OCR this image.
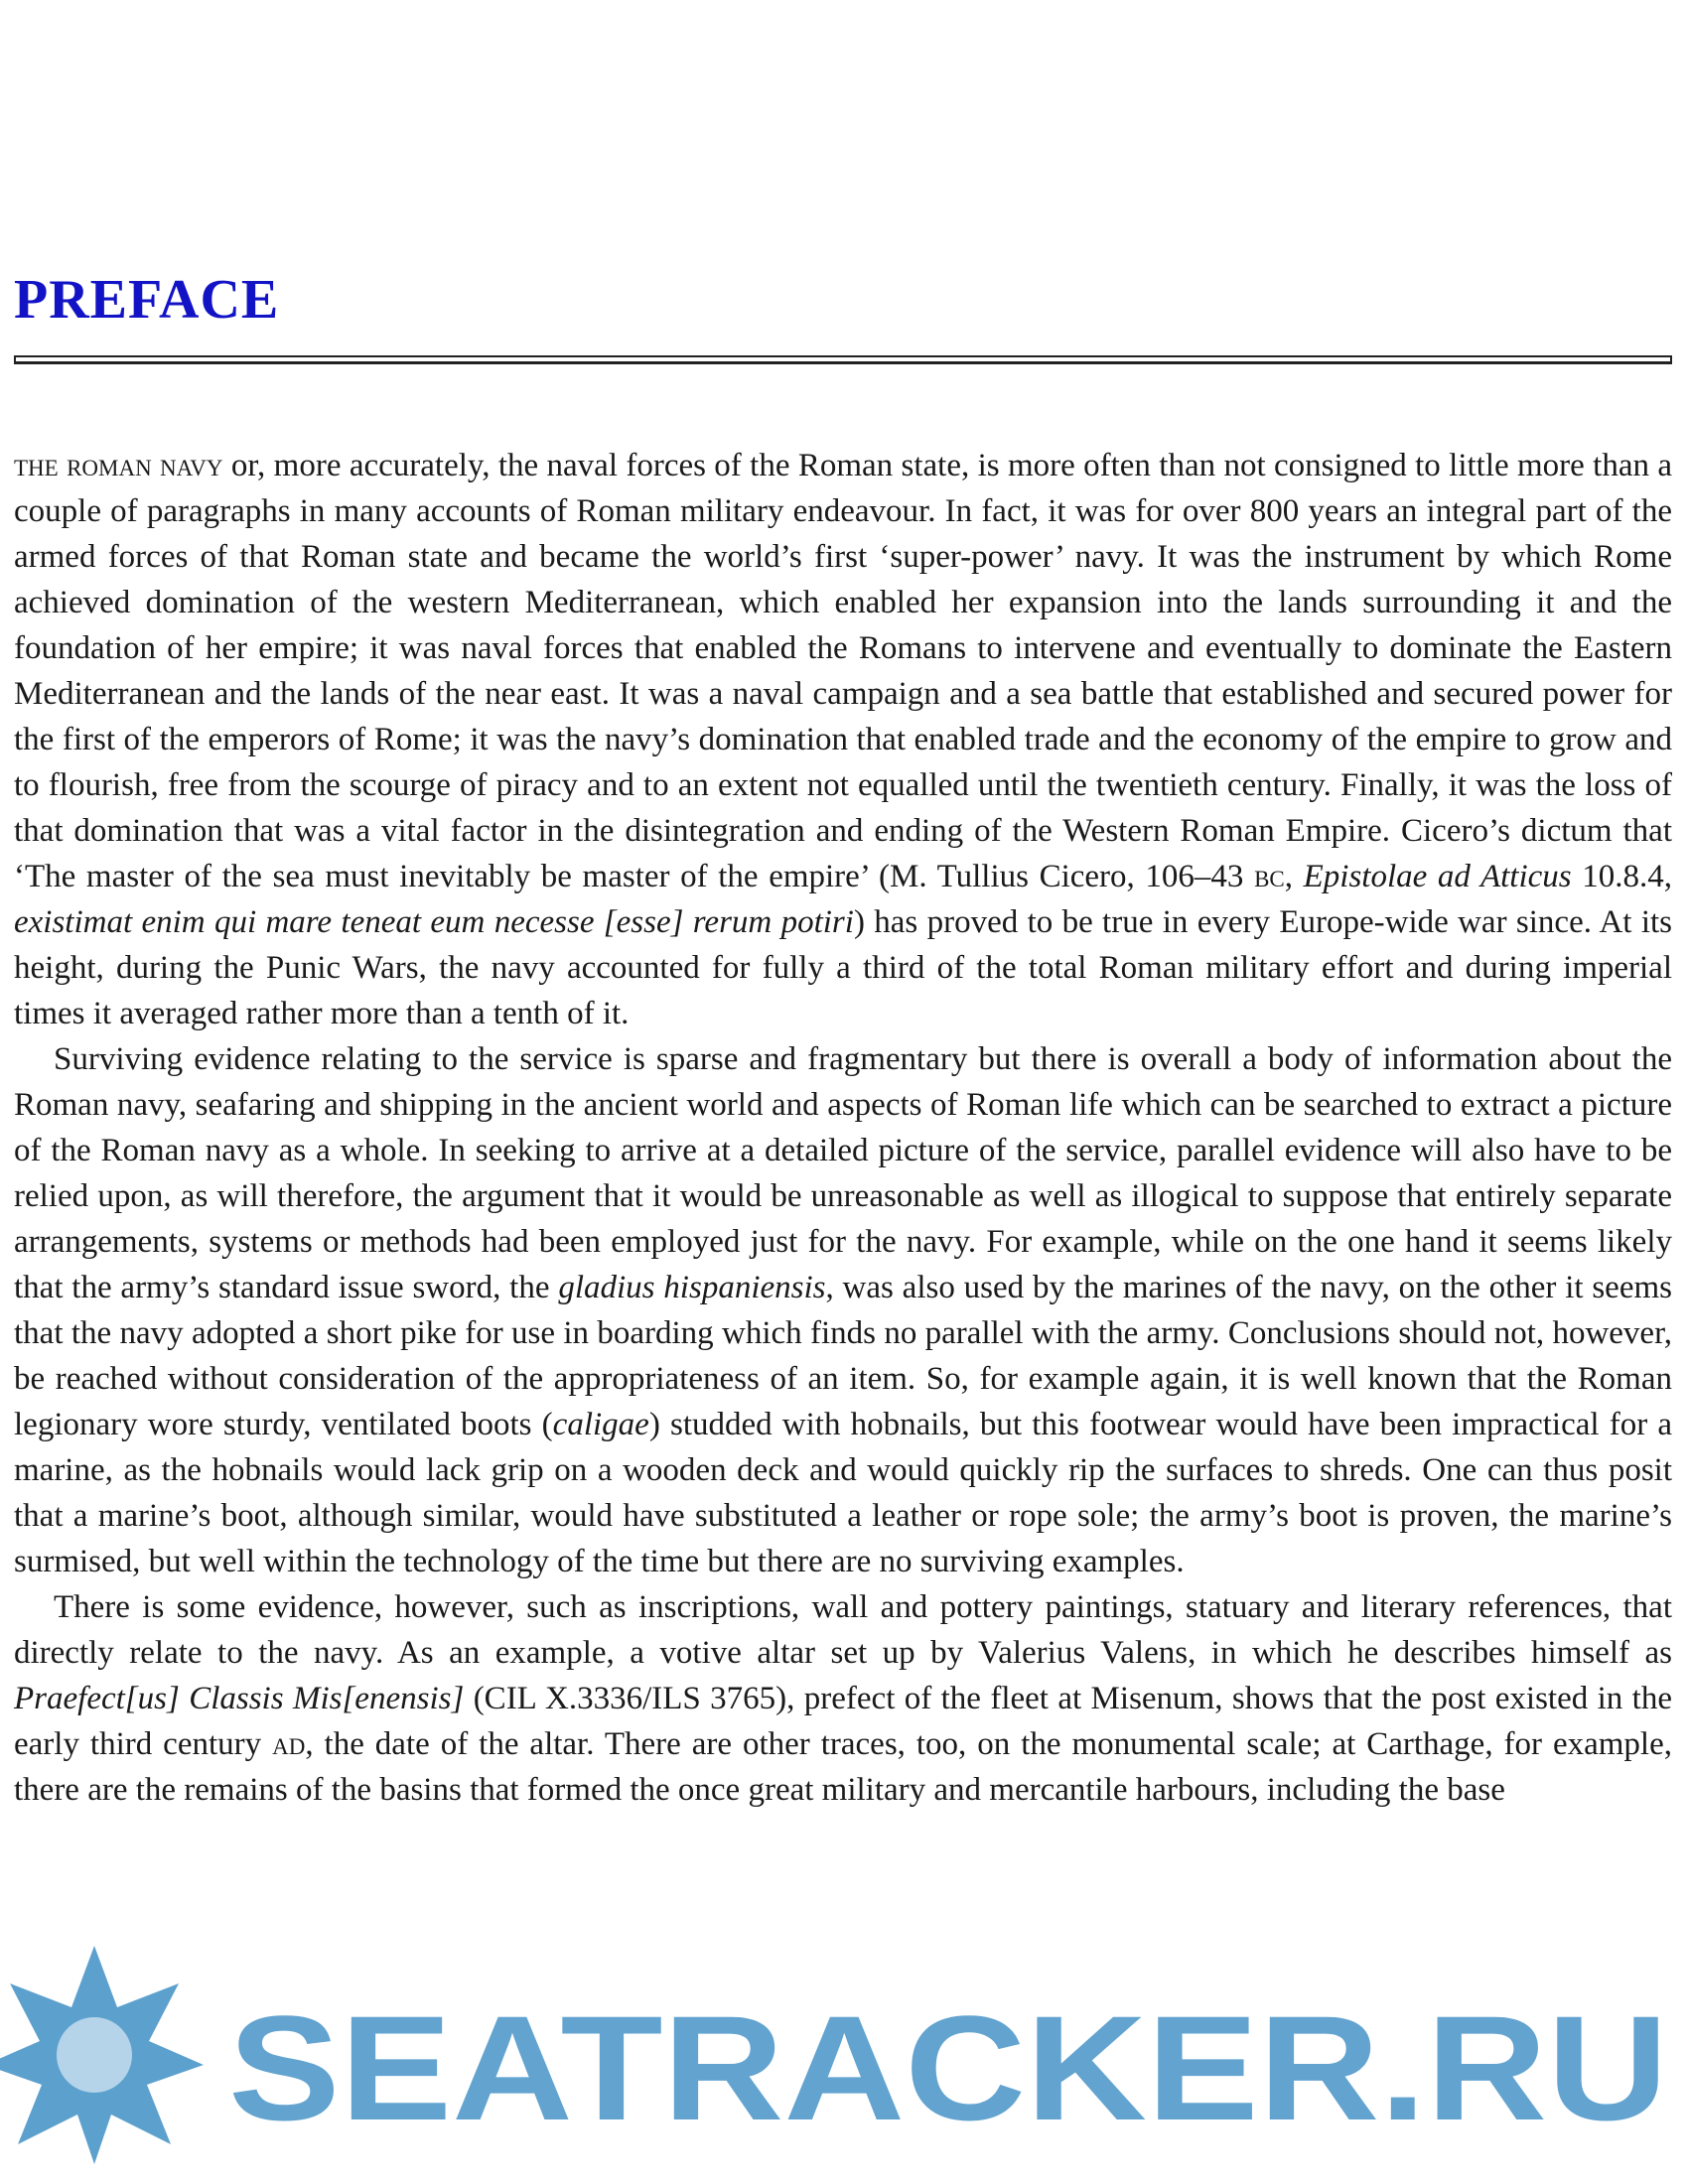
PREFACE

the roman navy or, more accurately, the naval forces of the Roman state, is more often than not consigned to little more than a couple of paragraphs in many accounts of Roman military endeavour. In fact, it was for over 800 years an integral part of the armed forces of that Roman state and became the world’s first ‘super-power’ navy. It was the instrument by which Rome achieved domination of the western Mediterranean, which enabled her expansion into the lands surrounding it and the foundation of her empire; it was naval forces that enabled the Romans to intervene and eventually to dominate the Eastern Mediterranean and the lands of the near east. It was a naval campaign and a sea battle that established and secured power for the first of the emperors of Rome; it was the navy’s domination that enabled trade and the economy of the empire to grow and to flourish, free from the scourge of piracy and to an extent not equalled until the twentieth century. Finally, it was the loss of that domination that was a vital factor in the disintegration and ending of the Western Roman Empire. Cicero’s dictum that ‘The master of the sea must inevitably be master of the empire’ (M. Tullius Cicero, 106–43 bc, Epistolae ad Atticus 10.8.4, existimat enim qui mare teneat eum necesse [esse] rerum potiri) has proved to be true in every Europe-wide war since. At its height, during the Punic Wars, the navy accounted for fully a third of the total Roman military effort and during imperial times it averaged rather more than a tenth of it.

Surviving evidence relating to the service is sparse and fragmentary but there is overall a body of information about the Roman navy, seafaring and shipping in the ancient world and aspects of Roman life which can be searched to extract a picture of the Roman navy as a whole. In seeking to arrive at a detailed picture of the service, parallel evidence will also have to be relied upon, as will therefore, the argument that it would be unreasonable as well as illogical to suppose that entirely separate arrangements, systems or methods had been employed just for the navy. For example, while on the one hand it seems likely that the army’s standard issue sword, the gladius hispaniensis, was also used by the marines of the navy, on the other it seems that the navy adopted a short pike for use in boarding which finds no parallel with the army. Conclusions should not, however, be reached without consideration of the appropriateness of an item. So, for example again, it is well known that the Roman legionary wore sturdy, ventilated boots (caligae) studded with hobnails, but this footwear would have been impractical for a marine, as the hobnails would lack grip on a wooden deck and would quickly rip the surfaces to shreds. One can thus posit that a marine’s boot, although similar, would have substituted a leather or rope sole; the army’s boot is proven, the marine’s surmised, but well within the technology of the time but there are no surviving examples.

There is some evidence, however, such as inscriptions, wall and pottery paintings, statuary and literary references, that directly relate to the navy. As an example, a votive altar set up by Valerius Valens, in which he describes himself as Praefect[us] Classis Mis[enensis] (CIL X.3336/ILS 3765), prefect of the fleet at Misenum, shows that the post existed in the early third century ad, the date of the altar. There are other traces, too, on the monumental scale; at Carthage, for example, there are the remains of the basins that formed the once great military and mercantile harbours, including the base

SEATRACKER.RU
